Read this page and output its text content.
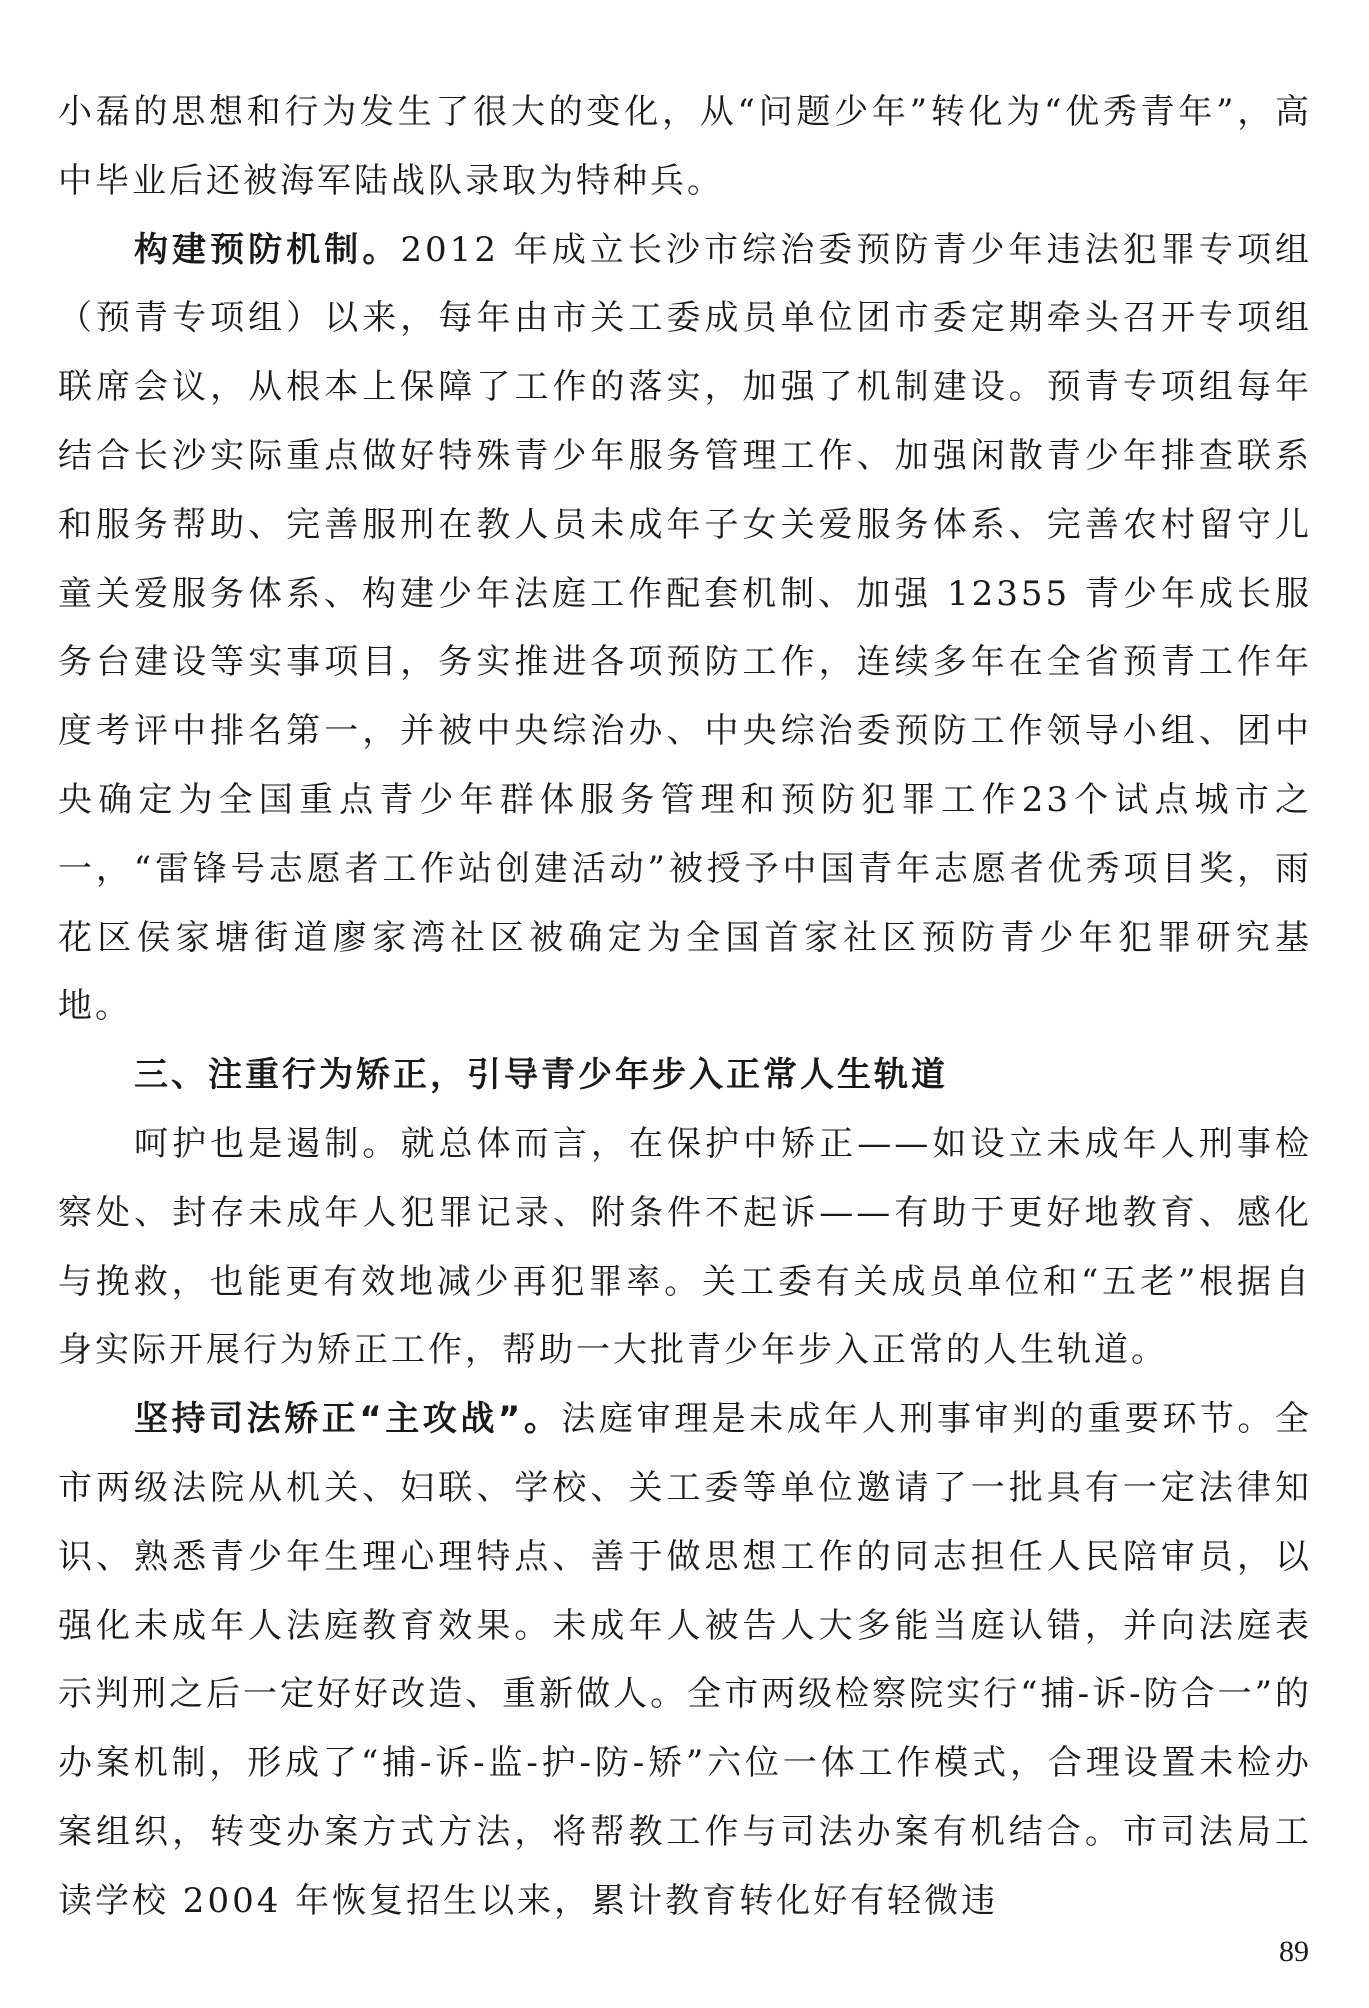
小磊的思想和行为发生了很大的变化，从“问题少年”转化为“优秀青年”，高中毕业后还被海军陆战队录取为特种兵。

构建预防机制。2012 年成立长沙市综治委预防青少年违法犯罪专项组（预青专项组）以来，每年由市关工委成员单位团市委定期牵头召开专项组联席会议，从根本上保障了工作的落实，加强了机制建设。预青专项组每年结合长沙实际重点做好特殊青少年服务管理工作、加强闲散青少年排查联系和服务帮助、完善服刑在教人员未成年子女关爱服务体系、完善农村留守儿童关爱服务体系、构建少年法庭工作配套机制、加强 12355 青少年成长服务台建设等实事项目，务实推进各项预防工作，连续多年在全省预青工作年度考评中排名第一，并被中央综治办、中央综治委预防工作领导小组、团中央确定为全国重点青少年群体服务管理和预防犯罪工作23个试点城市之一，“雷锋号志愿者工作站创建活动”被授予中国青年志愿者优秀项目奖，雨花区侯家塘街道廖家湾社区被确定为全国首家社区预防青少年犯罪研究基地。

三、注重行为矫正，引导青少年步入正常人生轨道

呵护也是遏制。就总体而言，在保护中矫正——如设立未成年人刑事检察处、封存未成年人犯罪记录、附条件不起诉——有助于更好地教育、感化与挽救，也能更有效地减少再犯罪率。关工委有关成员单位和“五老”根据自身实际开展行为矫正工作，帮助一大批青少年步入正常的人生轨道。

坚持司法矫正“主攻战”。法庭审理是未成年人刑事审判的重要环节。全市两级法院从机关、妇联、学校、关工委等单位邀请了一批具有一定法律知识、熟悉青少年生理心理特点、善于做思想工作的同志担任人民陪审员，以强化未成年人法庭教育效果。未成年人被告人大多能当庭认错，并向法庭表示判刑之后一定好好改造、重新做人。全市两级检察院实行“捕-诉-防合一”的办案机制，形成了“捕-诉-监-护-防-矫”六位一体工作模式，合理设置未检办案组织，转变办案方式方法，将帮教工作与司法办案有机结合。市司法局工读学校 2004 年恢复招生以来，累计教育转化好有轻微违

89
